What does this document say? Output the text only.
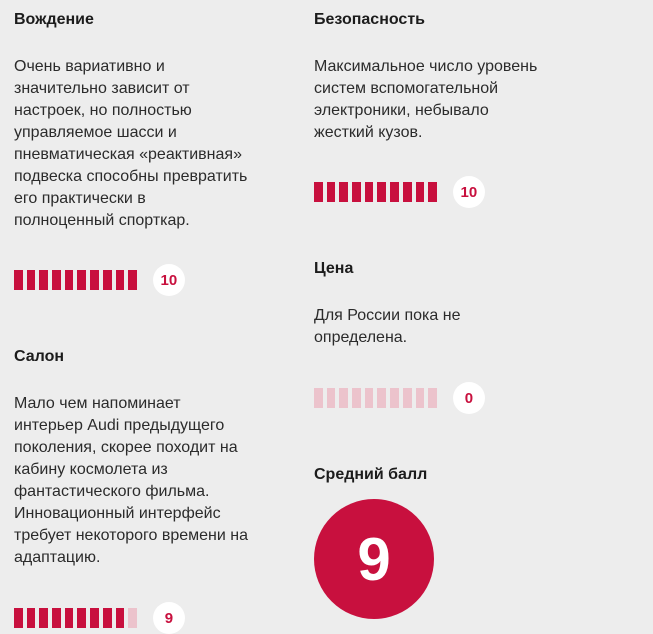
Вождение

Очень вариативно и
значительно зависит от
настроек, но полностью
управляемое шасси и
пневматическая «реактивная»
подвеска способны превратить
его практически в
полноценный спорткар.

10
Салон

Мало чем напоминает
интерьер Audi предыдущего
поколения, скорее походит на
кабину космолета из
фантастического фильма.
Инновационный интерфейс
требует некоторого времени на
адаптацию.

9
Безопасность

Максимальное число уровень
систем вспомогательной
электроники, небывало
жесткий кузов.

10
Цена

Для России пока не
определена.

0
Средний балл
9
